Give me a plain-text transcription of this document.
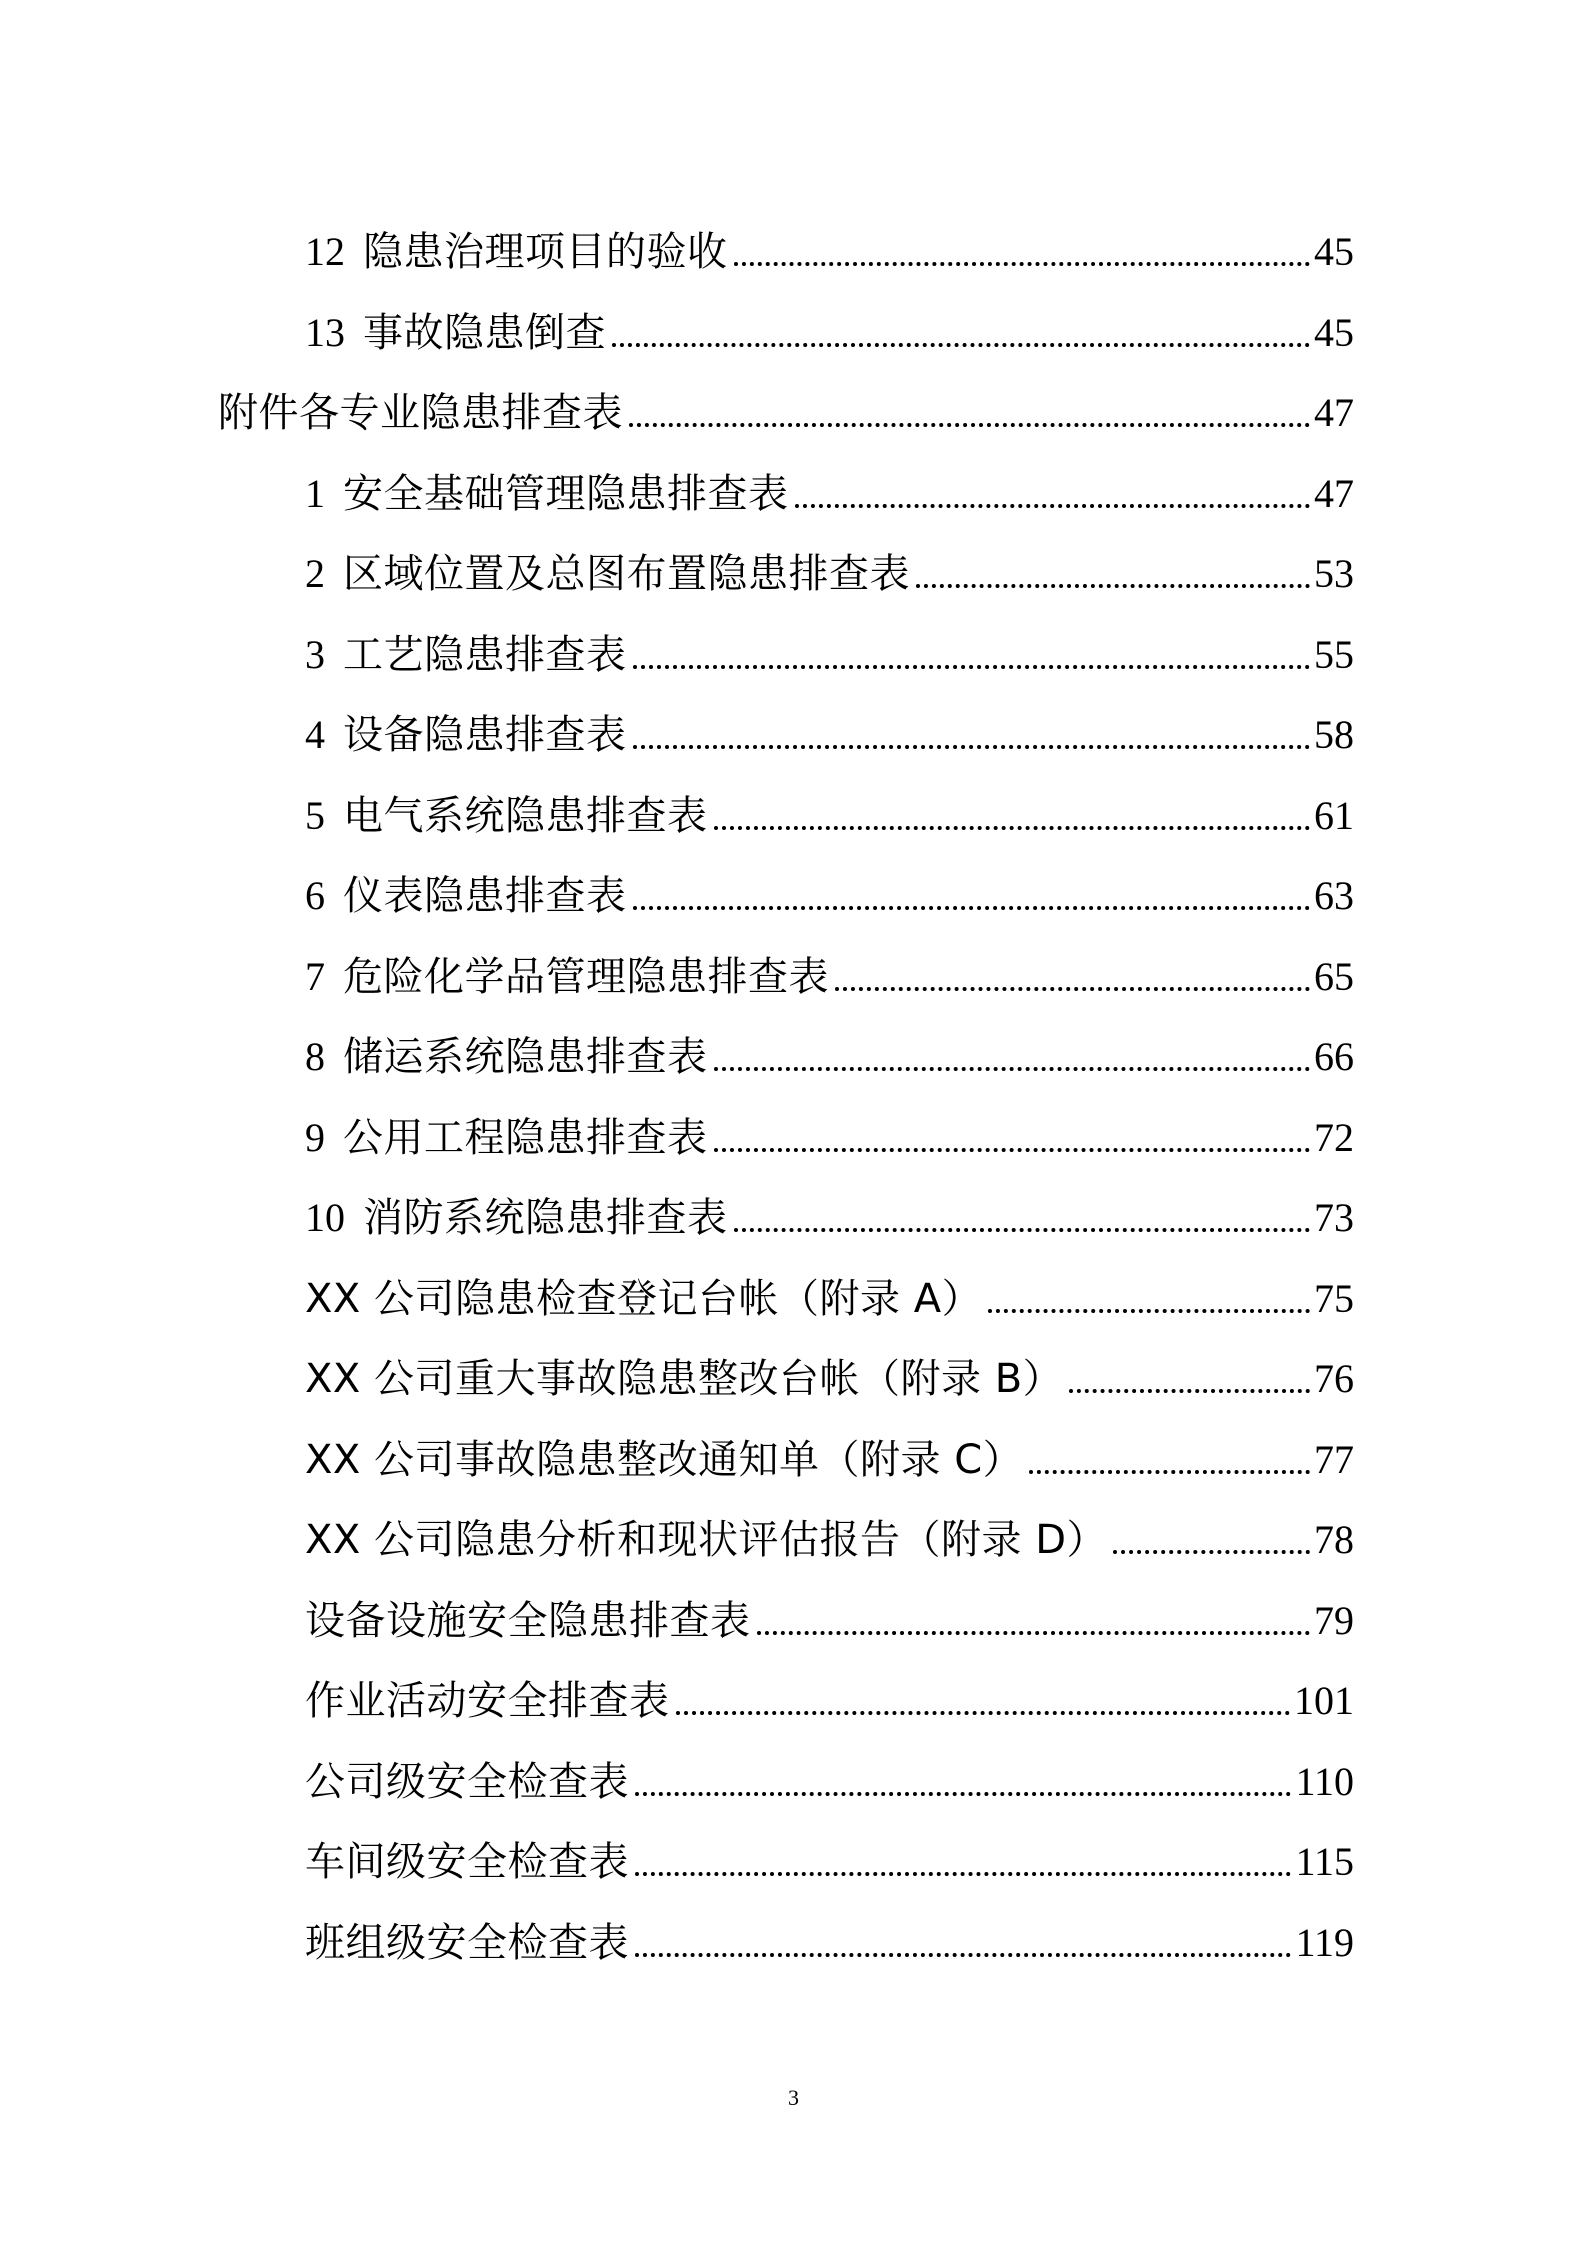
12 隐患治理项目的验收	45
13 事故隐患倒查	45
附件各专业隐患排查表	47
1 安全基础管理隐患排查表	47
2 区域位置及总图布置隐患排查表	53
3 工艺隐患排查表	55
4 设备隐患排查表	58
5 电气系统隐患排查表	61
6 仪表隐患排查表	63
7 危险化学品管理隐患排查表	65
8 储运系统隐患排查表	66
9 公用工程隐患排查表	72
10 消防系统隐患排查表	73
XX 公司隐患检查登记台帐（附录 A）	75
XX 公司重大事故隐患整改台帐（附录 B）	76
XX 公司事故隐患整改通知单（附录 C）	77
XX 公司隐患分析和现状评估报告（附录 D）	78
设备设施安全隐患排查表	79
作业活动安全排查表	101
公司级安全检查表	110
车间级安全检查表	115
班组级安全检查表	119
3
